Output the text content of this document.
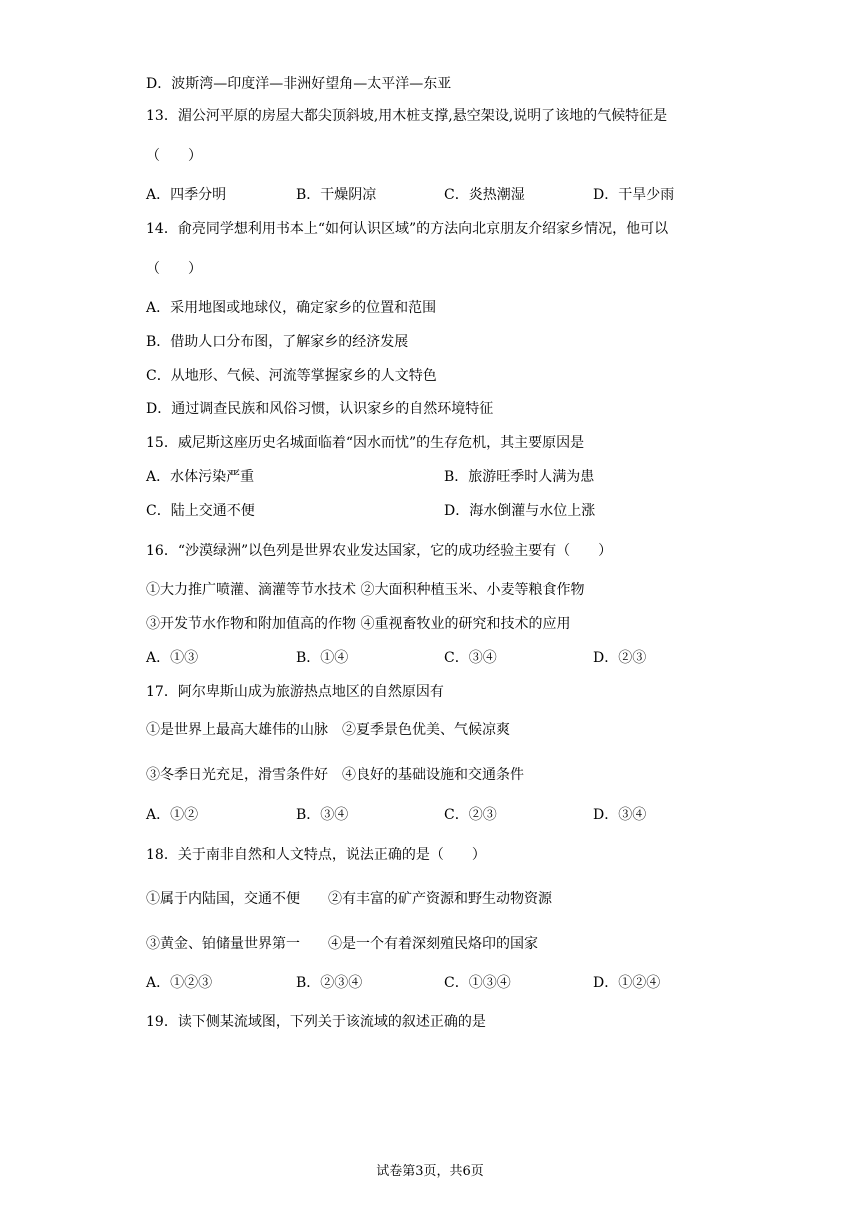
D．波斯湾—印度洋—非洲好望角—太平洋—东亚
13．湄公河平原的房屋大都尖顶斜坡,用木桩支撑,悬空架设,说明了该地的气候特征是
（　　）
A．四季分明	B．干燥阴凉	C．炎热潮湿	D．干旱少雨
14．俞亮同学想利用书本上“如何认识区域”的方法向北京朋友介绍家乡情况，他可以
（　　）
A．采用地图或地球仪，确定家乡的位置和范围
B．借助人口分布图，了解家乡的经济发展
C．从地形、气候、河流等掌握家乡的人文特色
D．通过调查民族和风俗习惯，认识家乡的自然环境特征
15．威尼斯这座历史名城面临着“因水而忧”的生存危机，其主要原因是
A．水体污染严重	B．旅游旺季时人满为患
C．陆上交通不便	D．海水倒灌与水位上涨
16．“沙漠绿洲”以色列是世界农业发达国家，它的成功经验主要有（　　）
①大力推广喷灌、滴灌等节水技术 ②大面积种植玉米、小麦等粮食作物
③开发节水作物和附加值高的作物 ④重视畜牧业的研究和技术的应用
A．①③	B．①④	C．③④	D．②③
17．阿尔卑斯山成为旅游热点地区的自然原因有
①是世界上最高大雄伟的山脉　②夏季景色优美、气候凉爽
③冬季日光充足，滑雪条件好　④良好的基础设施和交通条件
A．①②	B．③④	C．②③	D．③④
18．关于南非自然和人文特点，说法正确的是（　　）
①属于内陆国，交通不便　　②有丰富的矿产资源和野生动物资源
③黄金、铂储量世界第一　　④是一个有着深刻殖民烙印的国家
A．①②③	B．②③④	C．①③④	D．①②④
19．读下侧某流域图，下列关于该流域的叙述正确的是
试卷第3页，共6页
